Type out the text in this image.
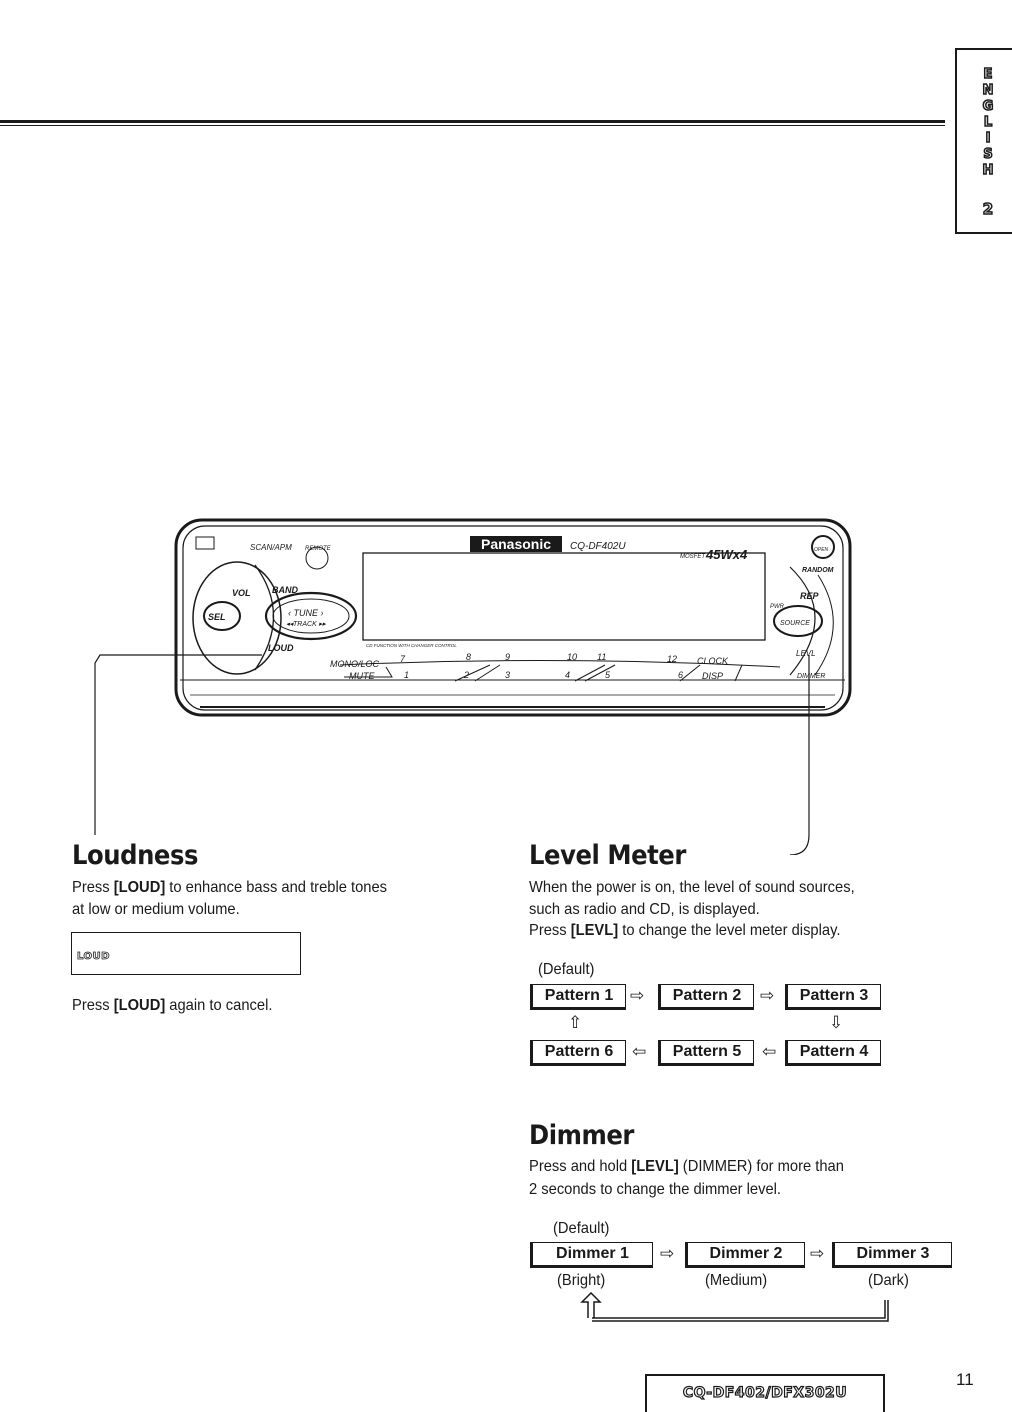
E
N
G
L
I
S
H
2
Panasonic CQ-DF402U
MOSFET 45Wx4
SCAN/APM REMOTE
VOL
SEL
BAND
‹ TUNE ›
◂◂TRACK ▸▸
LOUD	CD FUNCTION WITH CHANGER CONTROL
MONO/LOC
MUTE
OPEN
RANDOM
REP
PWR
SOURCE
LEVL
DIMMER
CLOCK
DISP
7	8	9	10 11	12
1	2	3	4	5	6
Loudness
Press [LOUD] to enhance bass and treble tones
at low or medium volume.
LOUD
Press [LOUD] again to cancel.
Level Meter
When the power is on, the level of sound sources,
such as radio and CD, is displayed.
Press [LEVL] to change the level meter display.
(Default)
Pattern 1 ⇨	Pattern 2	⇨	Pattern 3
⇧	⇩
Pattern 6	⇦	Pattern 5	⇦	Pattern 4
Dimmer
Press and hold [LEVL] (DIMMER) for more than
2 seconds to change the dimmer level.
(Default)
Dimmer 1	⇨	Dimmer 2	⇨	Dimmer 3
(Bright)	(Medium)	(Dark)
11
CQ-DF402/DFX302U
